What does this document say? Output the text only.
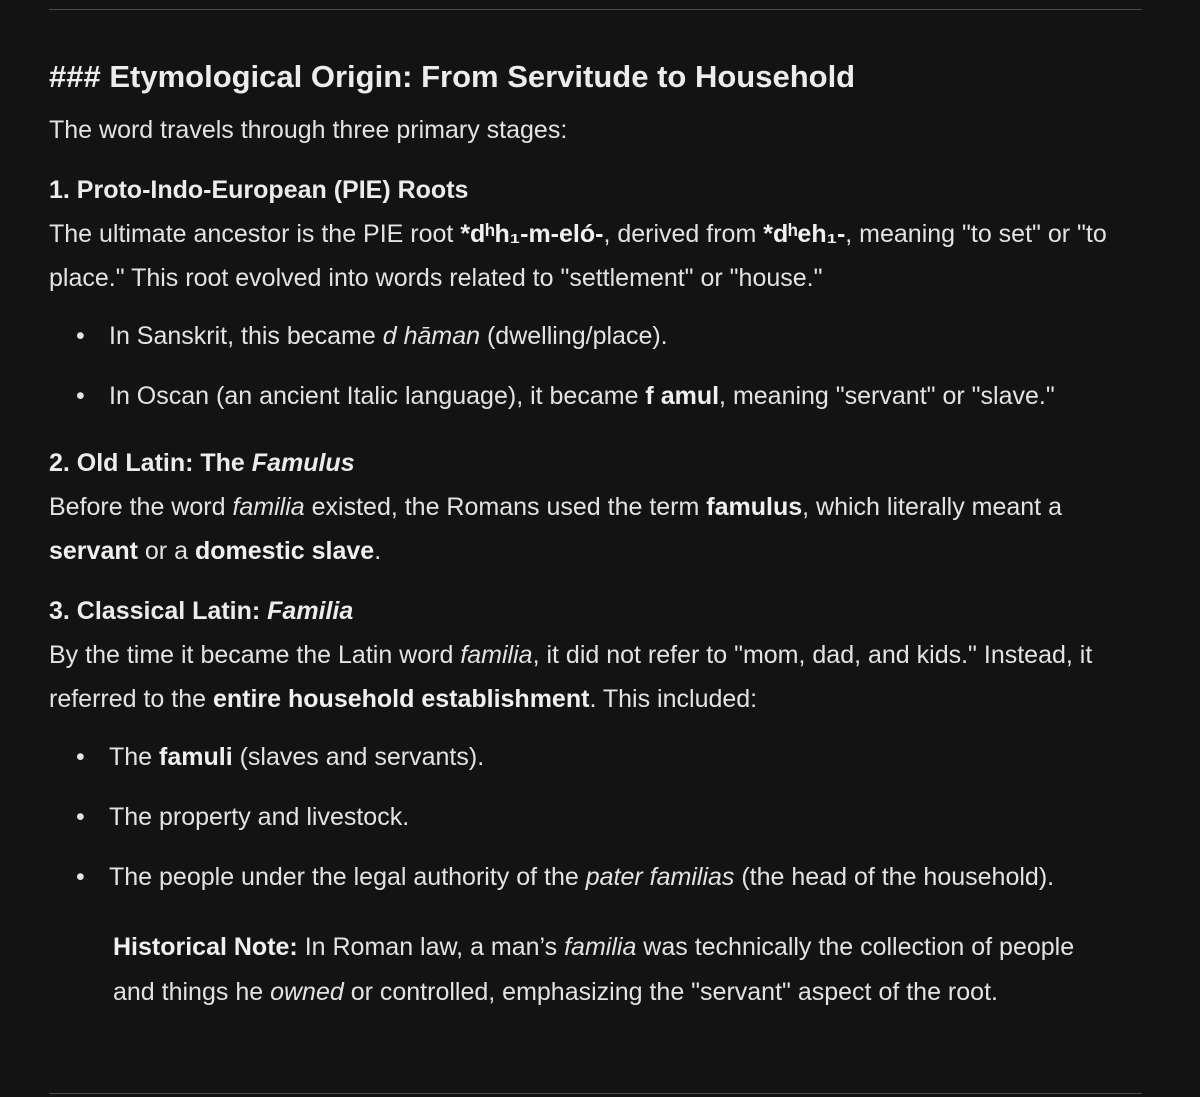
### Etymological Origin: From Servitude to Household

The word travels through three primary stages:

1. Proto-Indo-European (PIE) Roots

The ultimate ancestor is the PIE root *dʰh₁-m-eló-, derived from *dʰeh₁-, meaning "to set" or "to place." This root evolved into words related to "settlement" or "house."

• In Sanskrit, this became d hāman (dwelling/place).
• In Oscan (an ancient Italic language), it became f amul, meaning "servant" or "slave."

2. Old Latin: The Famulus

Before the word familia existed, the Romans used the term famulus, which literally meant a servant or a domestic slave.

3. Classical Latin: Familia

By the time it became the Latin word familia, it did not refer to "mom, dad, and kids." Instead, it referred to the entire household establishment. This included:

• The famuli (slaves and servants).
• The property and livestock.
• The people under the legal authority of the pater familias (the head of the household).

Historical Note: In Roman law, a man’s familia was technically the collection of people and things he owned or controlled, emphasizing the "servant" aspect of the root.
